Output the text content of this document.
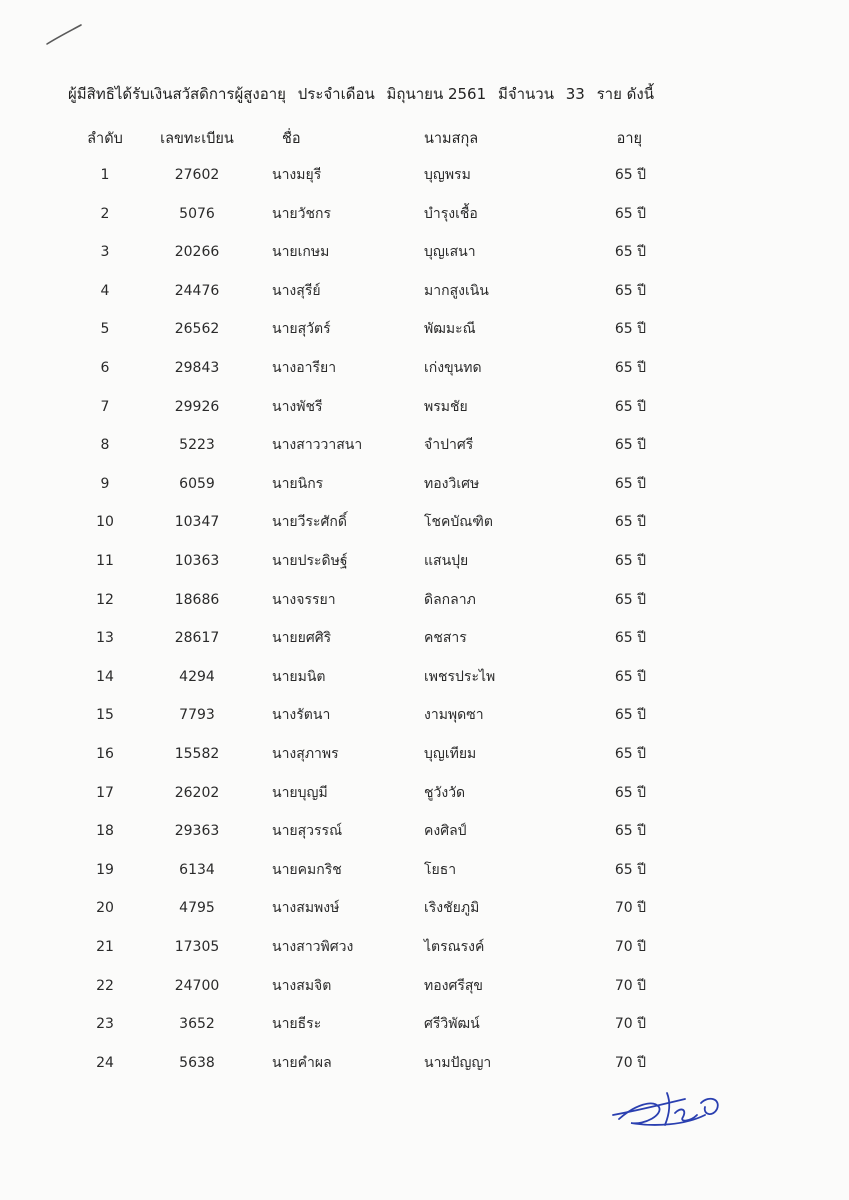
ผู้มีสิทธิได้รับเงินสวัสดิการผู้สูงอายุ ประจำเดือน มิถุนายน 2561 มีจำนวน 33 ราย ดังนี้
ลำดับ	เลขทะเบียน	ชื่อ	นามสกุล	อายุ
1	27602	นางมยุรี	บุญพรม	65 ปี
2	5076	นายวัชกร	บำรุงเชื้อ	65 ปี
3	20266	นายเกษม	บุญเสนา	65 ปี
4	24476	นางสุรีย์	มากสูงเนิน	65 ปี
5	26562	นายสุวัตร์	พัฒมะณี	65 ปี
6	29843	นางอารียา	เก่งขุนทด	65 ปี
7	29926	นางพัชรี	พรมชัย	65 ปี
8	5223	นางสาววาสนา	จำปาศรี	65 ปี
9	6059	นายนิกร	ทองวิเศษ	65 ปี
10	10347	นายวีระศักดิ์	โชคบัณฑิต	65 ปี
11	10363	นายประดิษฐ์	แสนปุย	65 ปี
12	18686	นางจรรยา	ดิลกลาภ	65 ปี
13	28617	นายยศศิริ	คชสาร	65 ปี
14	4294	นายมนิต	เพชรประไพ	65 ปี
15	7793	นางรัตนา	งามพุดซา	65 ปี
16	15582	นางสุภาพร	บุญเทียม	65 ปี
17	26202	นายบุญมี	ชูวังวัด	65 ปี
18	29363	นายสุวรรณ์	คงศิลป์	65 ปี
19	6134	นายคมกริช	โยธา	65 ปี
20	4795	นางสมพงษ์	เริงชัยภูมิ	70 ปี
21	17305	นางสาวพิศวง	ไตรณรงค์	70 ปี
22	24700	นางสมจิต	ทองศรีสุข	70 ปี
23	3652	นายธีระ	ศรีวิพัฒน์	70 ปี
24	5638	นายคำผล	นามปัญญา	70 ปี
